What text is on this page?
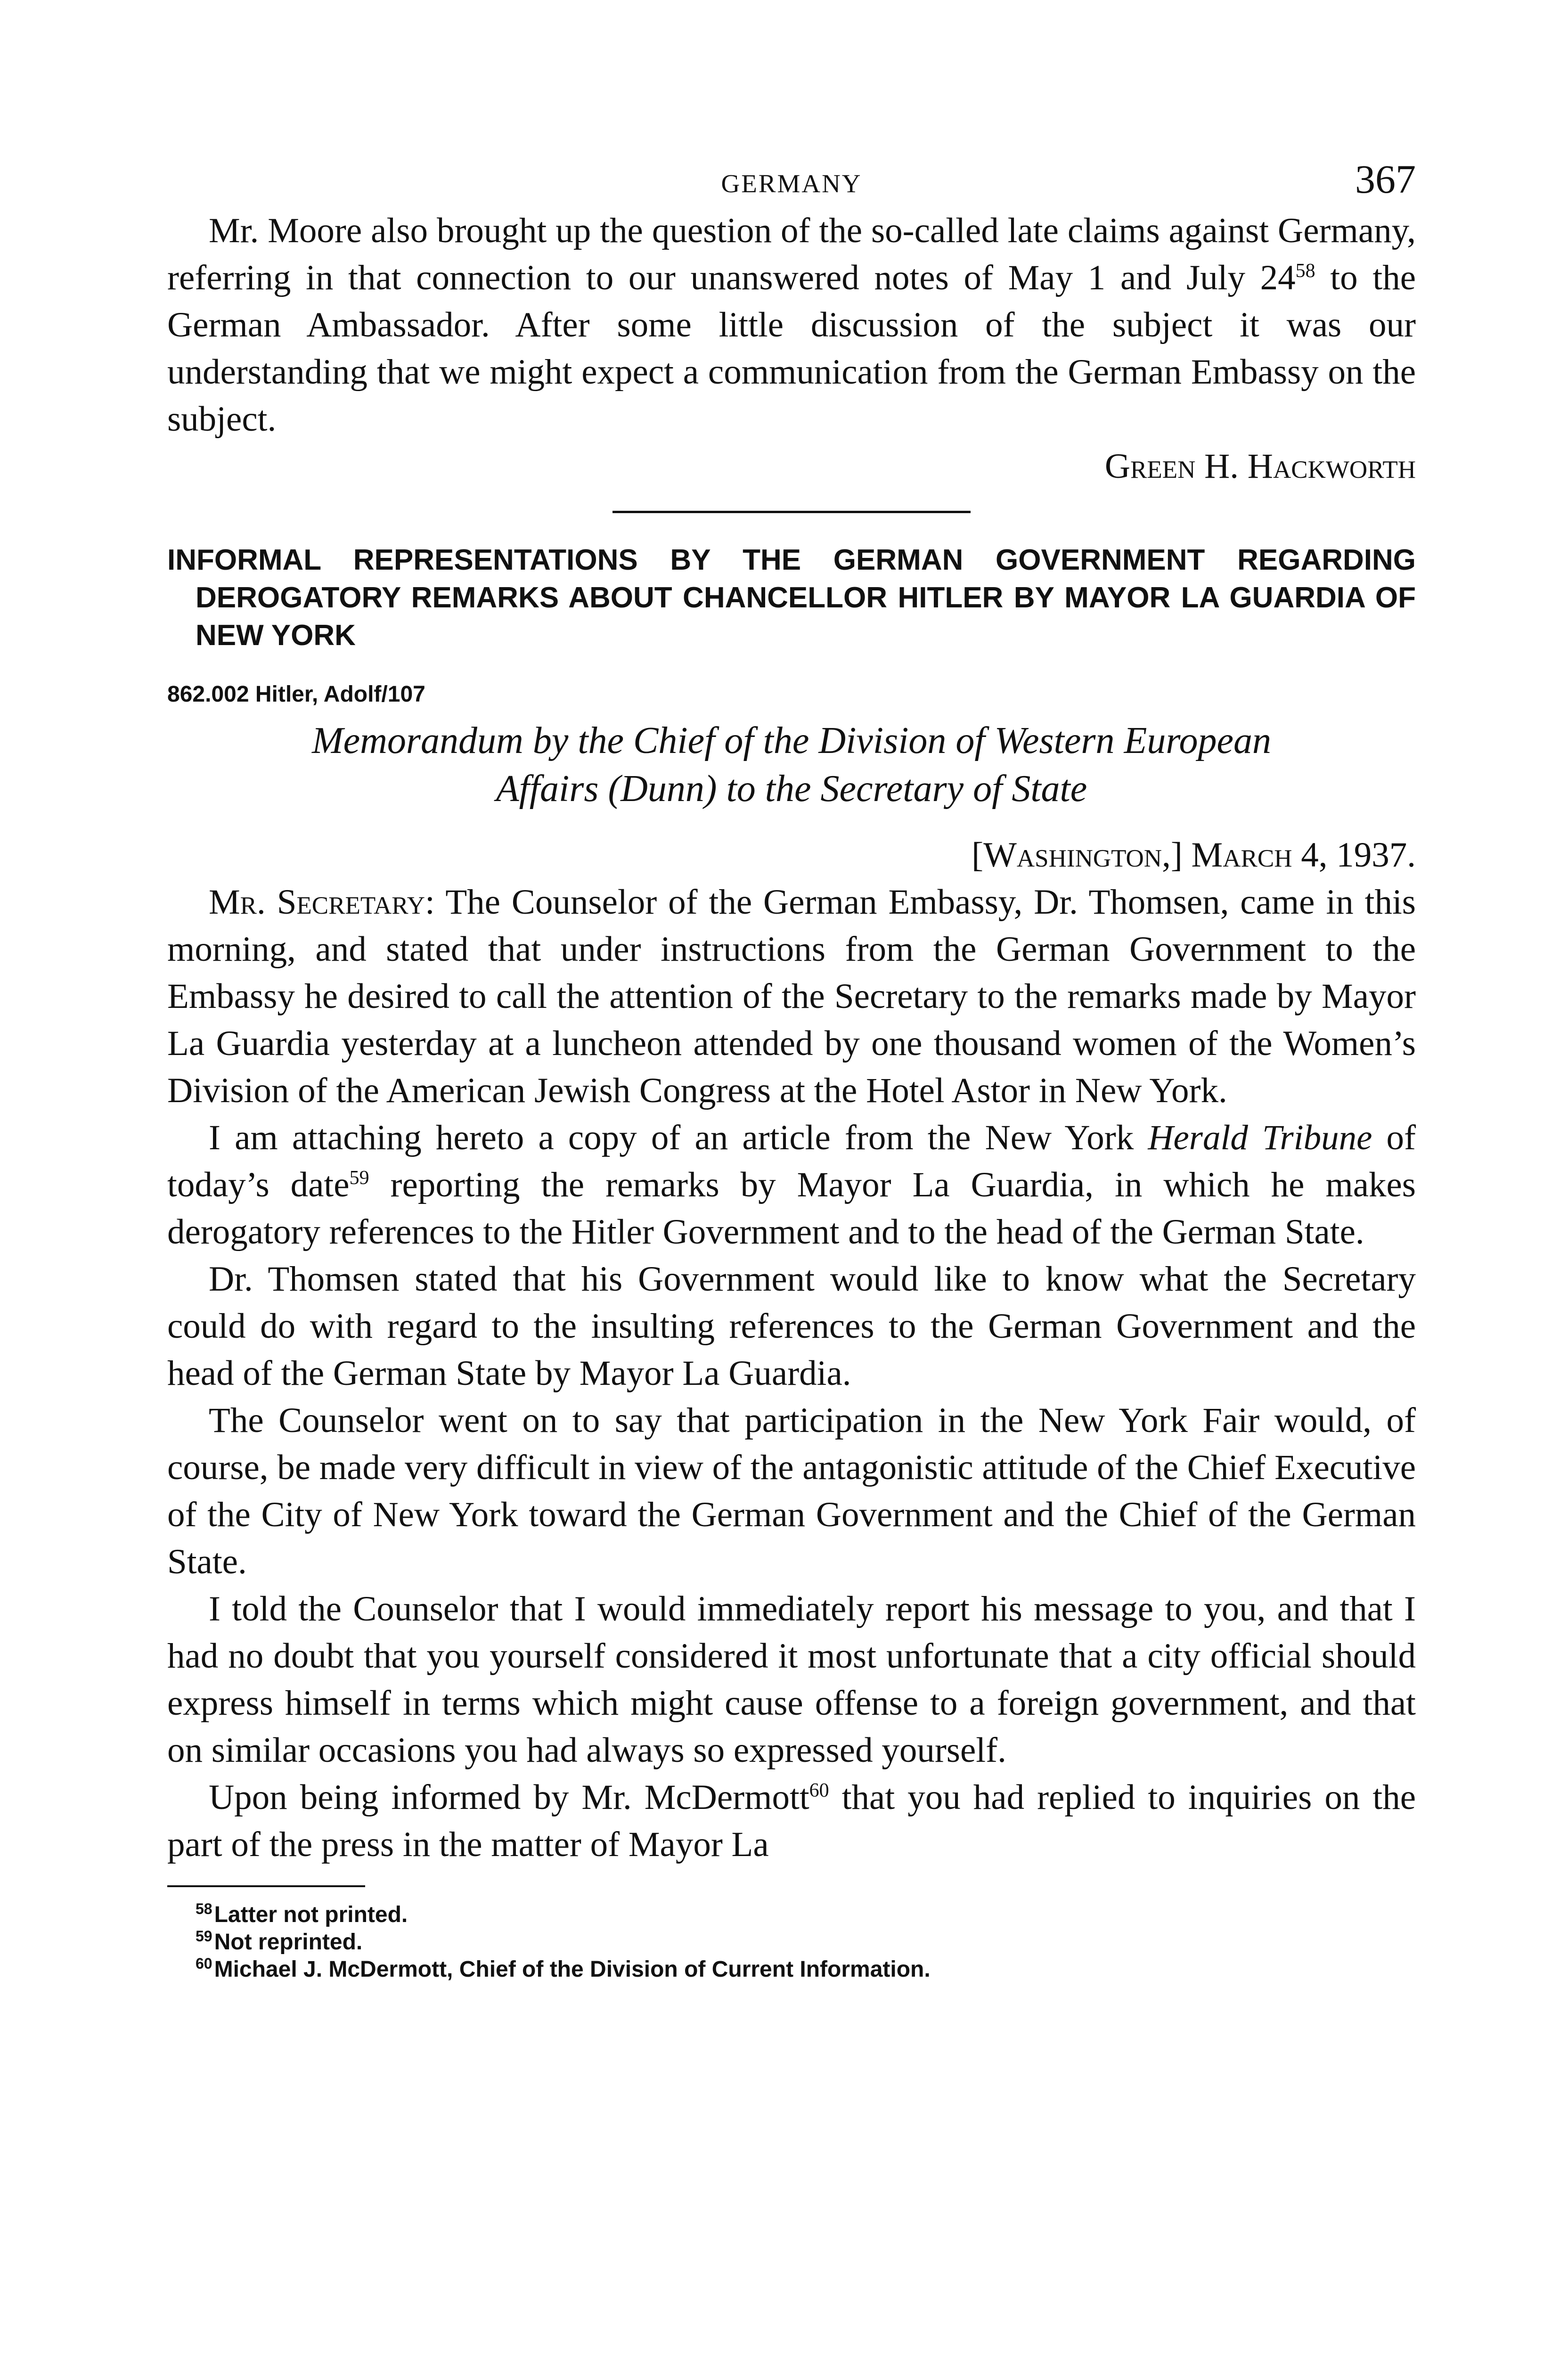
GERMANY	367

Mr. Moore also brought up the question of the so-called late claims against Germany, referring in that connection to our unanswered notes of May 1 and July 24$^{58}$ to the German Ambassador. After some little discussion of the subject it was our understanding that we might expect a communication from the German Embassy on the subject.

Green H. Hackworth
INFORMAL REPRESENTATIONS BY THE GERMAN GOVERNMENT REGARDING DEROGATORY REMARKS ABOUT CHANCELLOR HITLER BY MAYOR LA GUARDIA OF NEW YORK
862.002 Hitler, Adolf/107
Memorandum by the Chief of the Division of Western European
Affairs (Dunn) to the Secretary of State
[Washington,] March 4, 1937.

Mr. Secretary: The Counselor of the German Embassy, Dr. Thomsen, came in this morning, and stated that under instructions from the German Government to the Embassy he desired to call the attention of the Secretary to the remarks made by Mayor La Guardia yesterday at a luncheon attended by one thousand women of the Women’s Division of the American Jewish Congress at the Hotel Astor in New York.

I am attaching hereto a copy of an article from the New York Herald Tribune of today’s date$^{59}$ reporting the remarks by Mayor La Guardia, in which he makes derogatory references to the Hitler Government and to the head of the German State.

Dr. Thomsen stated that his Government would like to know what the Secretary could do with regard to the insulting references to the German Government and the head of the German State by Mayor La Guardia.

The Counselor went on to say that participation in the New York Fair would, of course, be made very difficult in view of the antagonistic attitude of the Chief Executive of the City of New York toward the German Government and the Chief of the German State.

I told the Counselor that I would immediately report his message to you, and that I had no doubt that you yourself considered it most unfortunate that a city official should express himself in terms which might cause offense to a foreign government, and that on similar occasions you had always so expressed yourself.

Upon being informed by Mr. McDermott$^{60}$ that you had replied to inquiries on the part of the press in the matter of Mayor La

$^{58}$Latter not printed.
$^{59}$Not reprinted.
$^{60}$Michael J. McDermott, Chief of the Division of Current Information.
